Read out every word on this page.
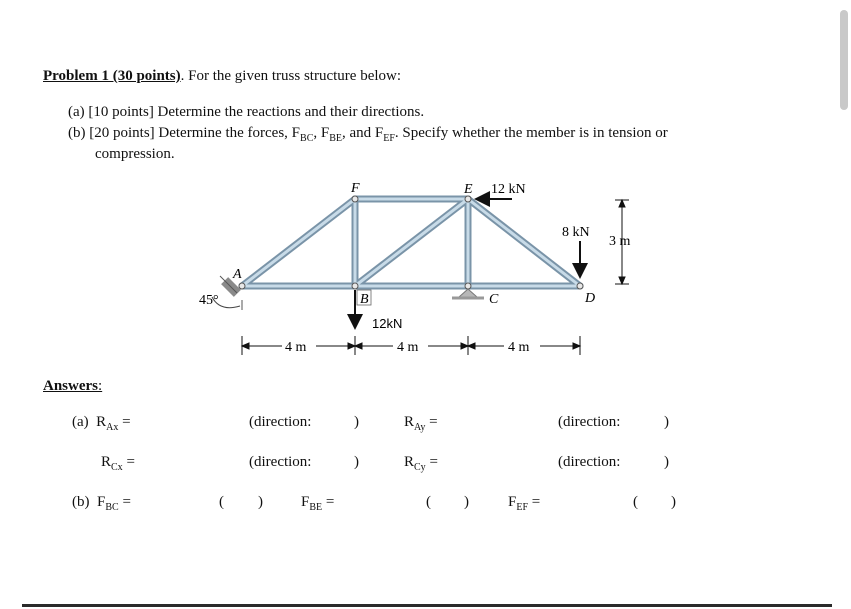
Problem 1 (30 points). For the given truss structure below:
(a) [10 points] Determine the reactions and their directions.
(b) [20 points] Determine the forces, $F_{BC}$, $F_{BE}$, and $F_{EF}$. Specify whether the member is in tension or
compression.
A
B	C	D
E
F	12 kN
8 kN
12kN
45°
3 m
4 m	4 m	4 m
Answers:
(a) $R_{Ax}$ =	(direction:	)	$R_{Ay}$ =	(direction:	)
$R_{Cx}$ =	(direction:	)	$R_{Cy}$ =	(direction:	)
(b) $F_{BC}$ =	( )	$F_{BE}$ =	( )	$F_{EF}$ =	( )
